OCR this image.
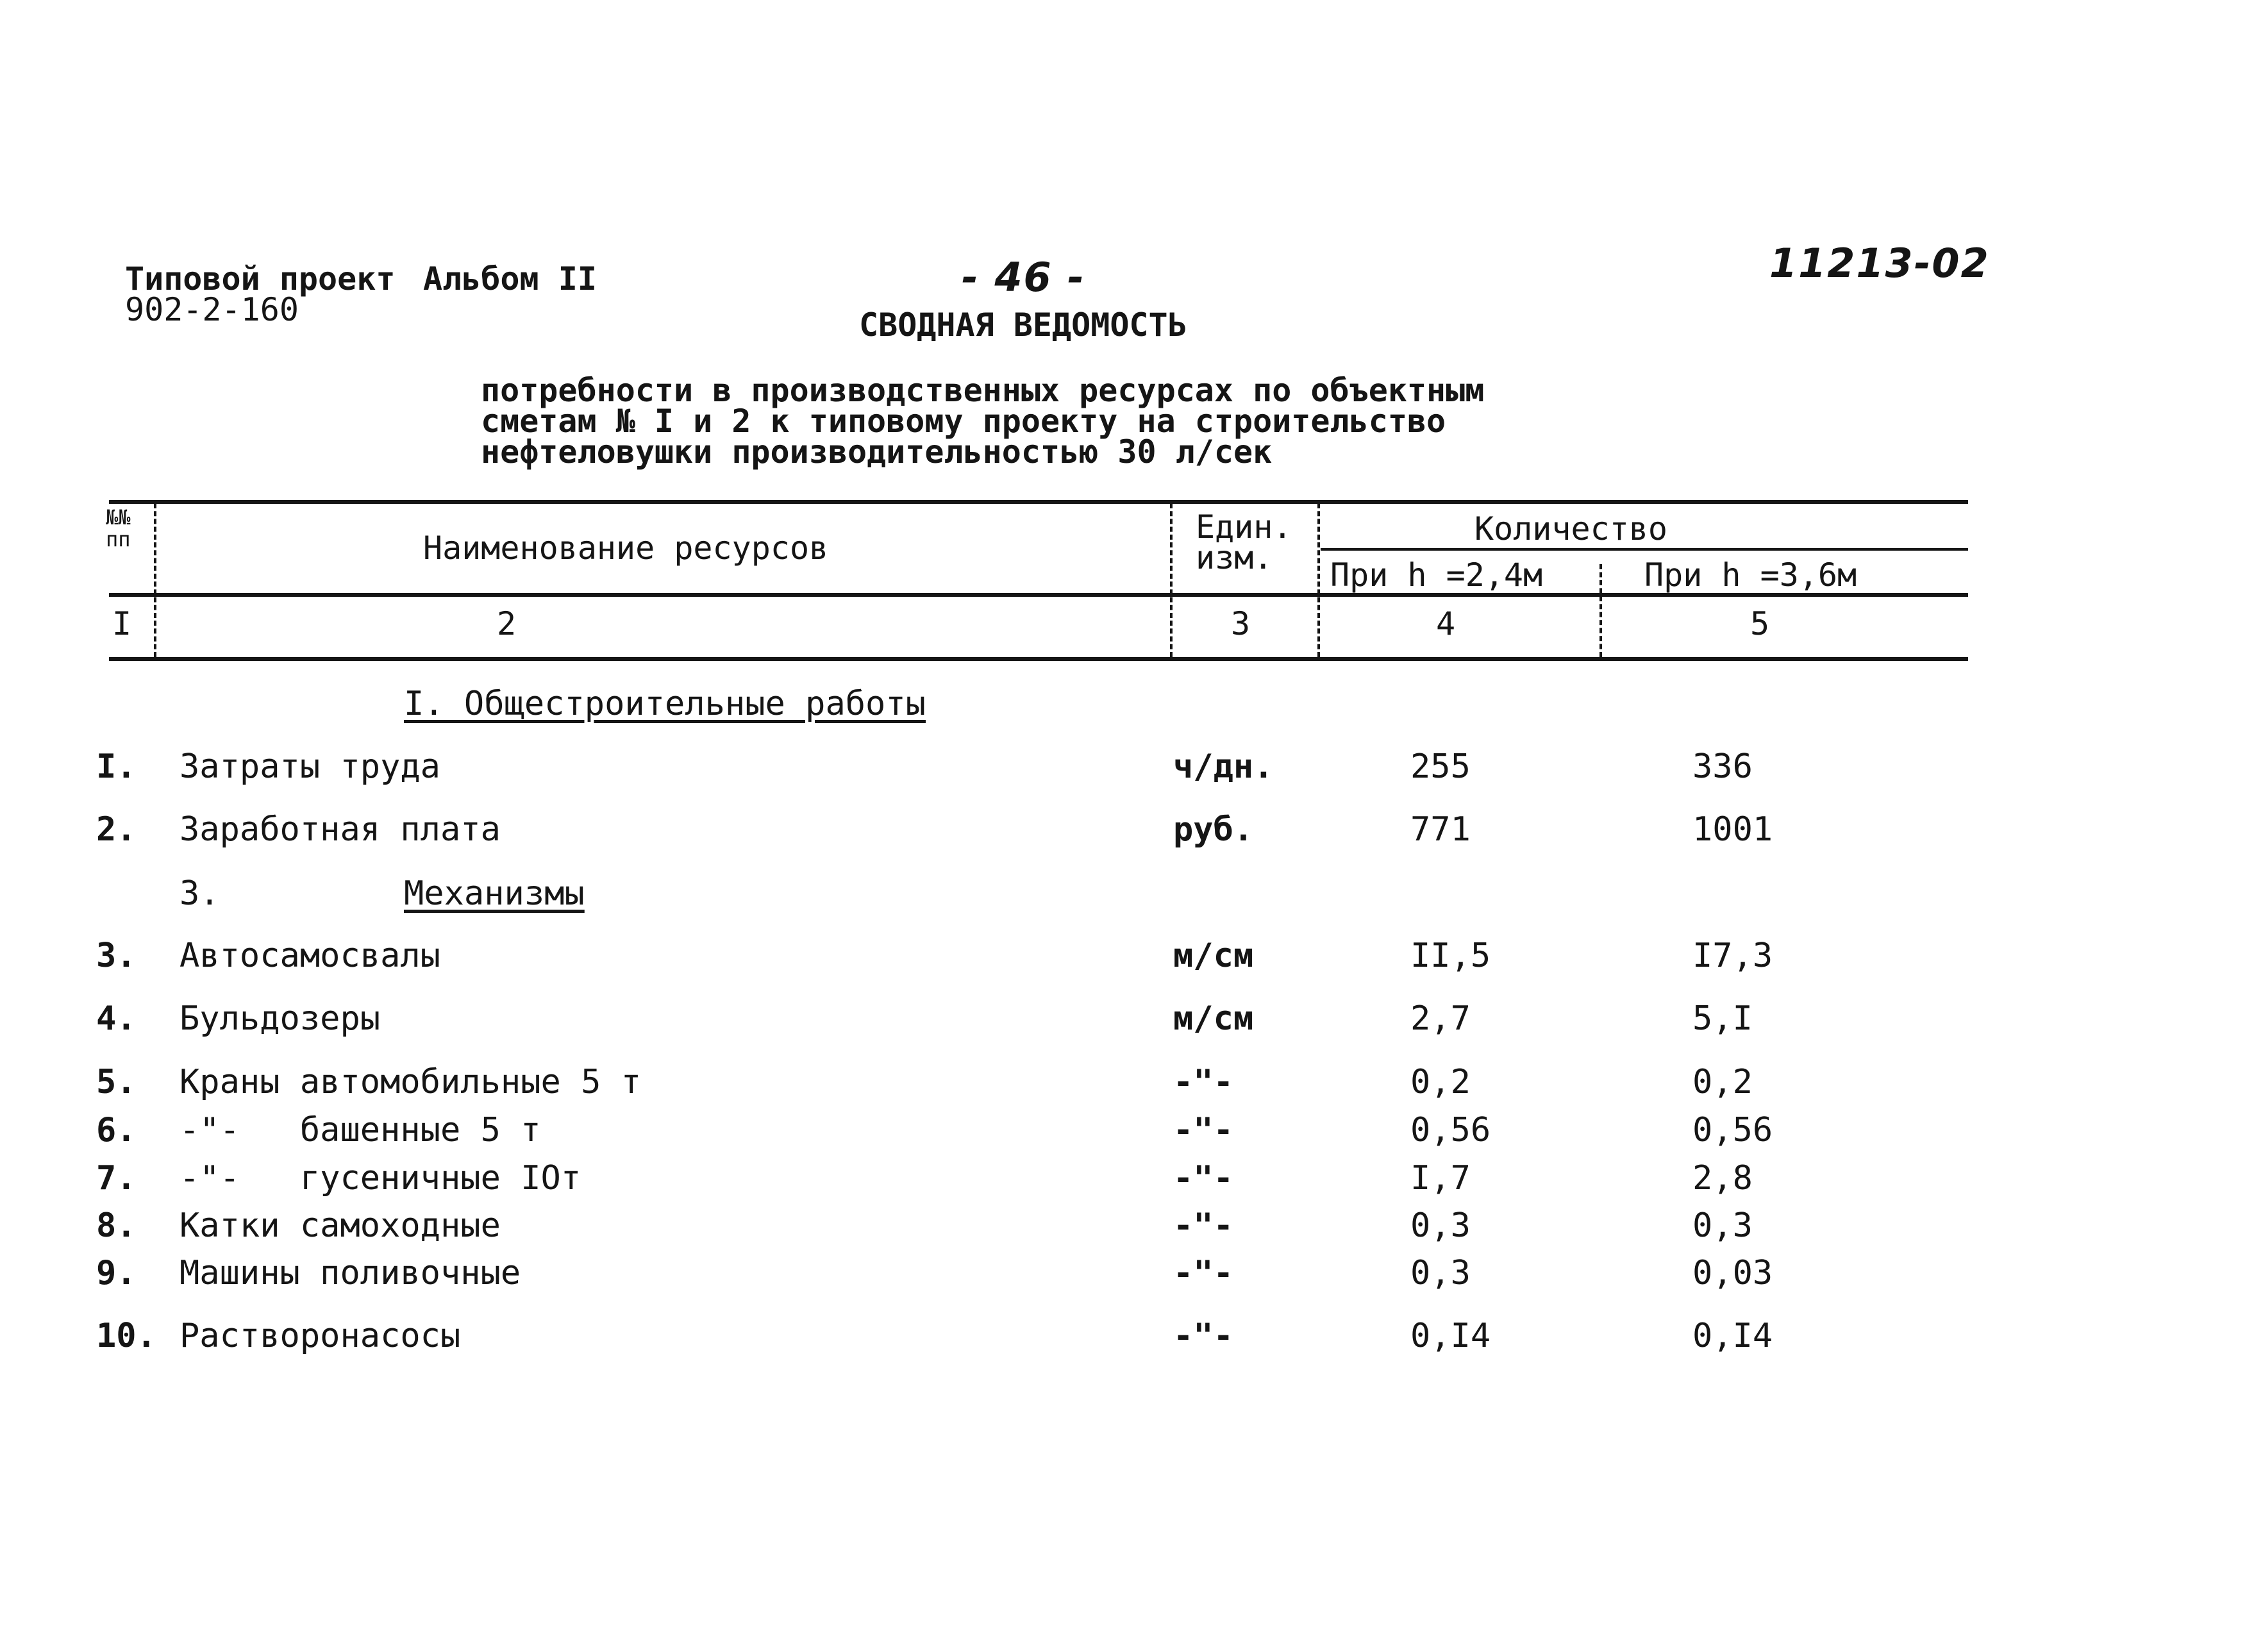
Типовой проект Альбом II
902-2-160
- 46 -	11213-02
СВОДНАЯ ВЕДОМОСТЬ
потребности в производственных ресурсах по объектным
сметам № I и 2 к типовому проекту на строительство
нефтеловушки производительностью 30 л/сек
№№
пп	Наименование ресурсов
Един.
изм.
Количество
При h =2,4м	При h =3,6м
I	2	3	4	5
I. Общестроительные работы
I.	Затраты труда	ч/дн.	255	336
2.	Заработная плата	руб.	771	1001
3.	Механизмы
3.	Автосамосвалы	м/см	II,5	I7,3
4.	Бульдозеры	м/см	2,7	5,I
5.	Краны автомобильные 5 т	-"-	0,2	0,2
6.	-"-   башенные 5 т	-"-	0,56	0,56
7.	-"-   гусеничные IOт	-"-	I,7	2,8
8.	Катки самоходные	-"-	0,3	0,3
9.	Машины поливочные	-"-	0,3	0,03
10. Растворонасосы	-"-	0,I4	0,I4
